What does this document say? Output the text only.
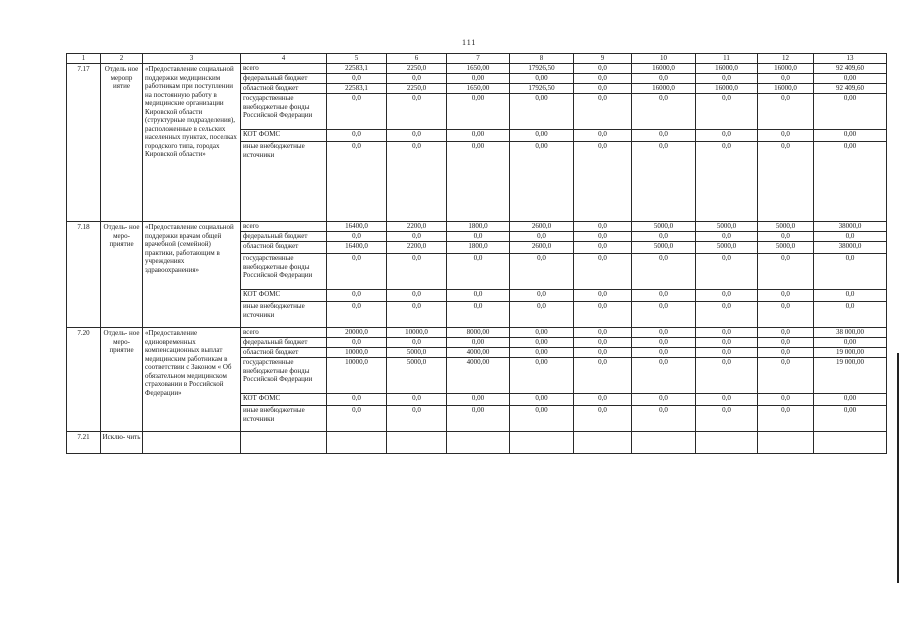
111
1	2	3	4	5	6	7	8	9	10	11	12	13
7.17	Отдель ное меропр иятие	«Предоставление социальной поддержки медицинским работникам при поступлении на постоянную работу в медицинские организации Кировской области (структурные подразделения), расположенные в сельских населенных пунктах, поселках городского типа, городах Кировской области»	всего	22583,1	2250,0	1650,00	17926,50	0,0	16000,0	16000,0	16000,0	92 409,60
			федеральный бюджет	0,0	0,0	0,00	0,00	0,0	0,0	0,0	0,0	0,00
			областной бюджет	22583,1	2250,0	1650,00	17926,50	0,0	16000,0	16000,0	16000,0	92 409,60
			государственные внебюджетные фонды Российской Федерации	0,0	0,0	0,00	0,00	0,0	0,0	0,0	0,0	0,00
			КОТ ФОМС	0,0	0,0	0,00	0,00	0,0	0,0	0,0	0,0	0,00
			иные внебюджетные источники	0,0	0,0	0,00	0,00	0,0	0,0	0,0	0,0	0,00
7.18	Отдель- ное меро- приятие	«Предоставление социальной поддержки врачам общей врачебной (семейной) практики, работающим в учреждениях здравоохранения»	всего	16400,0	2200,0	1800,0	2600,0	0,0	5000,0	5000,0	5000,0	38000,0
			федеральный бюджет	0,0	0,0	0,0	0,0	0,0	0,0	0,0	0,0	0,0
			областной бюджет	16400,0	2200,0	1800,0	2600,0	0,0	5000,0	5000,0	5000,0	38000,0
			государственные внебюджетные фонды Российской Федерации	0,0	0,0	0,0	0,0	0,0	0,0	0,0	0,0	0,0
			КОТ ФОМС	0,0	0,0	0,0	0,0	0,0	0,0	0,0	0,0	0,0
			иные внебюджетные источники	0,0	0,0	0,0	0,0	0,0	0,0	0,0	0,0	0,0
7.20	Отдель- ное меро- приятие	«Предоставление единовременных компенсационных выплат медицинским работникам в соответствии с Законом « Об обязательном медицинском страховании в Российской Федерации»	всего	20000,0	10000,0	8000,00	0,00	0,0	0,0	0,0	0,0	38 000,00
			федеральный бюджет	0,0	0,0	0,00	0,00	0,0	0,0	0,0	0,0	0,00
			областной бюджет	10000,0	5000,0	4000,00	0,00	0,0	0,0	0,0	0,0	19 000,00
			государственные внебюджетные фонды Российской Федерации	10000,0	5000,0	4000,00	0,00	0,0	0,0	0,0	0,0	19 000,00
			КОТ ФОМС	0,0	0,0	0,00	0,00	0,0	0,0	0,0	0,0	0,00
			иные внебюджетные источники	0,0	0,0	0,00	0,00	0,0	0,0	0,0	0,0	0,00
7.21	Исклю- чить											
